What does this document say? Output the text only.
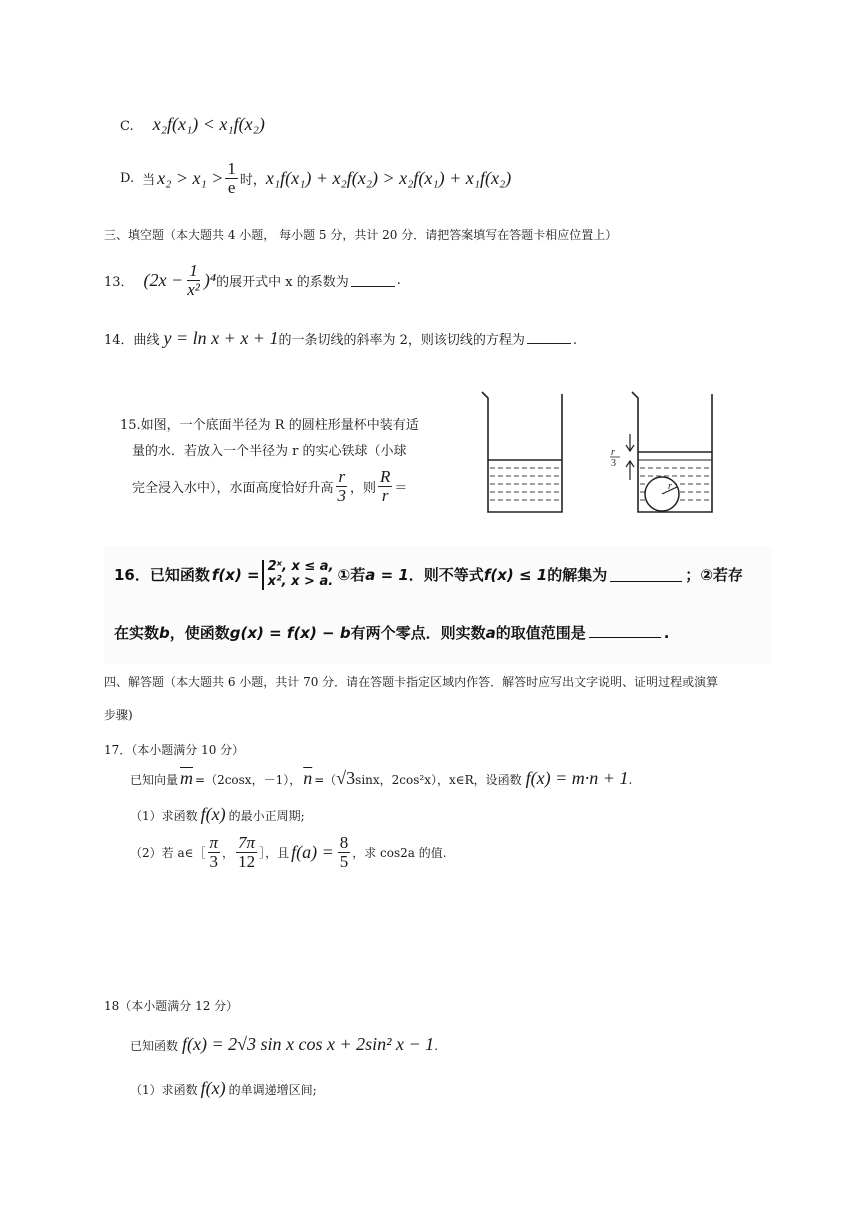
C. x₂f(x₁) < x₁f(x₂)
D. 当 $x_2 > x_1 > \frac{1}{e}$ 时， x₁f(x₁) + x₂f(x₂) > x₂f(x₁) + x₁f(x₂)
三、填空题（本大题共 4 小题， 每小题 5 分，共计 20 分．请把答案填写在答题卡相应位置上）
13． $(2x - \frac{1}{\text{x²}} )^4$ 的展开式中 x 的系数为	.
14．曲线 y = ln x + x + 1 的一条切线的斜率为 2，则该切线的方程为	.
15.如图，一个底面半径为 R 的圆柱形量杯中装有适
量的水．若放入一个半径为 r 的实心铁球（小球
完全浸入水中），水面高度恰好升高 $\frac{r}{3}$ ，则 $\frac{R}{r}$ ＝	r
r
3
16 ．已知函数 f(x) = 2ˣ, x ≤ a,
x², x > a. ①若 a = 1 ．则不等式 f(x) ≤ 1 的解集为	；②若存
在实数 b ，使函数 g(x) = f(x) − b 有两个零点．则实数 a 的取值范围是	.
四、解答题（本大题共 6 小题，共计 70 分．请在答题卡指定区域内作答．解答时应写出文字说明、证明过程或演算
步骤)
17．（本小题满分 10 分）
已知向量 $\overline{m} =(2\cos x$，－1）， $\overline{n}$ =（ √3 sinx，2cos²x），x∈R，设函数 f(x) = m·n + 1 .
（1）求函数 f(x) 的最小正周期;
（2）若 a∈［ $\frac{\pi}{3}$ ， $\frac{7\pi}{12}$ ］，且 $f(a) = \frac{8}{5}$ ，求 cos2a 的值.
18（本小题满分 12 分）
已知函数 f(x) = 2√3 sin x cos x + 2sin² x − 1 .
（1）求函数 f(x) 的单调递增区间;
